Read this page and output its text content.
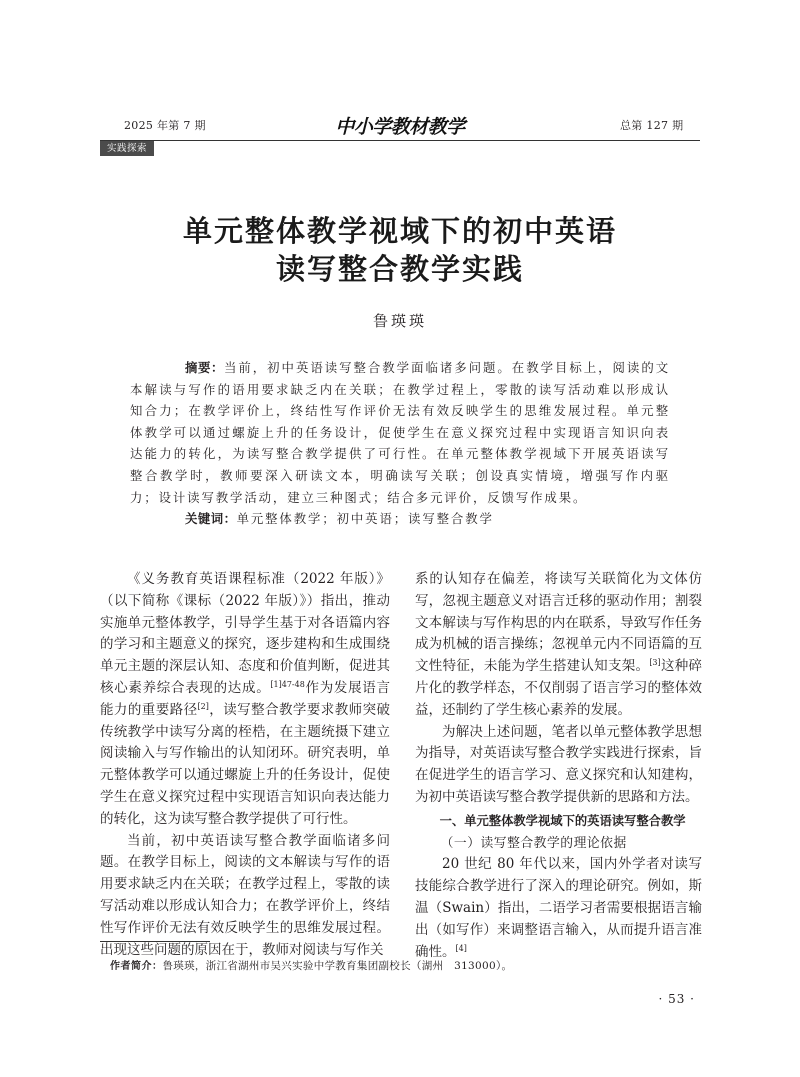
2025 年第 7 期	中小学教材教学	总第 127 期
实践探索
单元整体教学视域下的初中英语
读写整合教学实践
鲁瑛瑛

摘要：当前，初中英语读写整合教学面临诸多问题。在教学目标上，阅读的文本解读与写作的语用要求缺乏内在关联；在教学过程上，零散的读写活动难以形成认知合力；在教学评价上，终结性写作评价无法有效反映学生的思维发展过程。单元整体教学可以通过螺旋上升的任务设计，促使学生在意义探究过程中实现语言知识向表达能力的转化，为读写整合教学提供了可行性。在单元整体教学视域下开展英语读写整合教学时，教师要深入研读文本，明确读写关联；创设真实情境，增强写作内驱力；设计读写教学活动，建立三种图式；结合多元评价，反馈写作成果。

关键词：单元整体教学；初中英语；读写整合教学

《义务教育英语课程标准（2022 年版）》（以下简称《课标（2022 年版）》）指出，推动实施单元整体教学，引导学生基于对各语篇内容的学习和主题意义的探究，逐步建构和生成围绕单元主题的深层认知、态度和价值判断，促进其核心素养综合表现的达成。$^{[1]47-48}$作为发展语言能力的重要路径[2]，读写整合教学要求教师突破传统教学中读写分离的桎梏，在主题统摄下建立阅读输入与写作输出的认知闭环。研究表明，单元整体教学可以通过螺旋上升的任务设计，促使学生在意义探究过程中实现语言知识向表达能力的转化，这为读写整合教学提供了可行性。

当前，初中英语读写整合教学面临诸多问题。在教学目标上，阅读的文本解读与写作的语用要求缺乏内在关联；在教学过程上，零散的读写活动难以形成认知合力；在教学评价上，终结性写作评价无法有效反映学生的思维发展过程。出现这些问题的原因在于，教师对阅读与写作关

系的认知存在偏差，将读写关联简化为文体仿写，忽视主题意义对语言迁移的驱动作用；割裂文本解读与写作构思的内在联系，导致写作任务成为机械的语言操练；忽视单元内不同语篇的互文性特征，未能为学生搭建认知支架。[3]这种碎片化的教学样态，不仅削弱了语言学习的整体效益，还制约了学生核心素养的发展。

为解决上述问题，笔者以单元整体教学思想为指导，对英语读写整合教学实践进行探索，旨在促进学生的语言学习、意义探究和认知建构，为初中英语读写整合教学提供新的思路和方法。

一、单元整体教学视域下的英语读写整合教学

（一）读写整合教学的理论依据

20 世纪 80 年代以来，国内外学者对读写技能综合教学进行了深入的理论研究。例如，斯温（Swain）指出，二语学习者需要根据语言输出（如写作）来调整语言输入，从而提升语言准确性。[4]

作者简介：鲁瑛瑛，浙江省湖州市吴兴实验中学教育集团副校长（湖州　313000）。
· 53 ·
